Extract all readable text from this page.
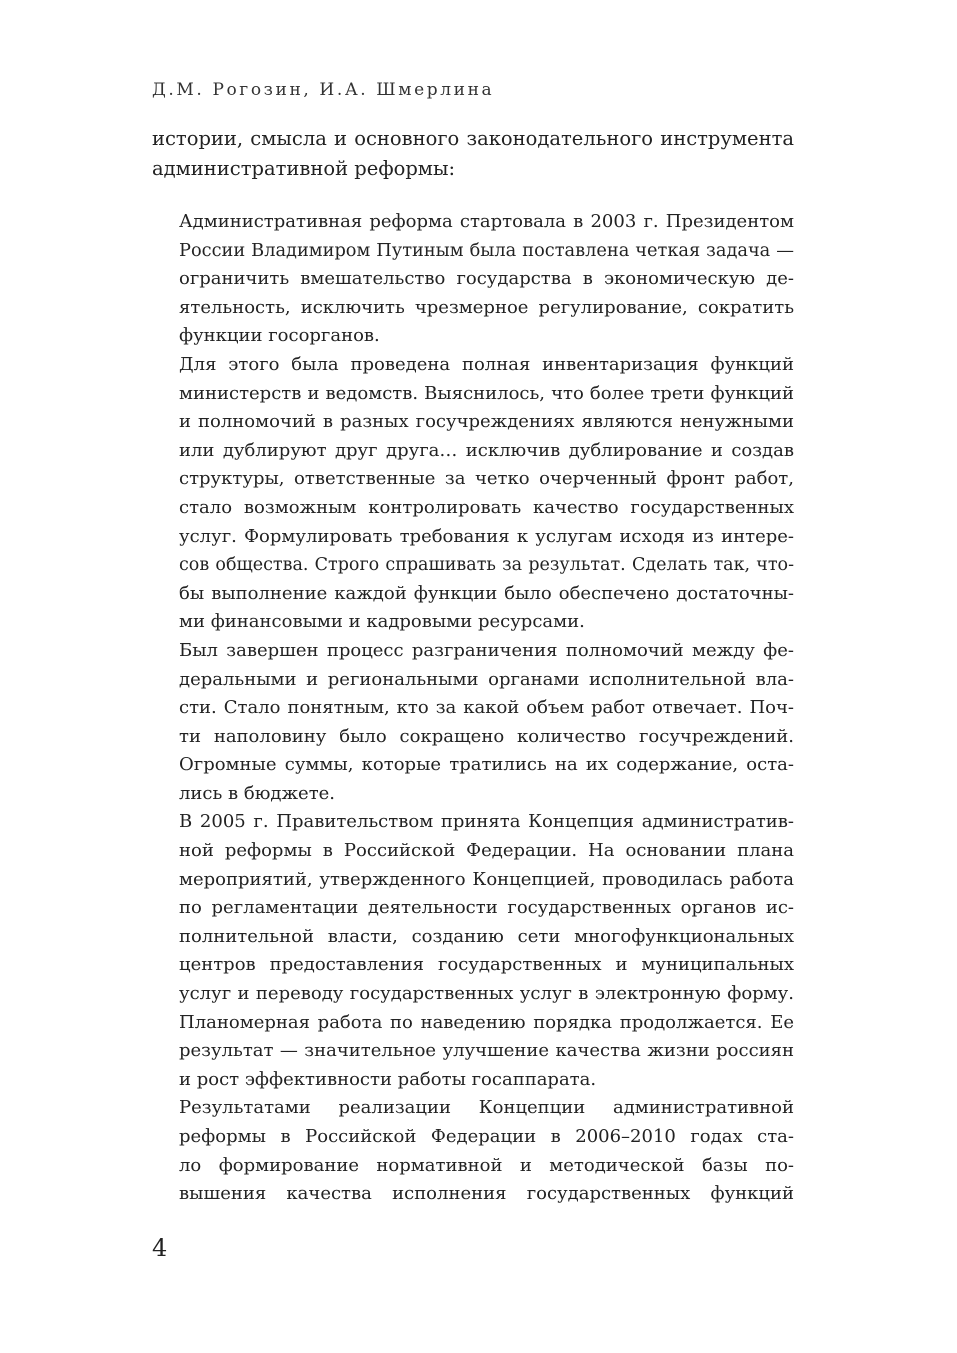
Д.М. Рогозин, И.А. Шмерлина
истории, смысла и основного законодательного инструмента
административной реформы:
Административная реформа стартовала в 2003 г. Президентом
России Владимиром Путиным была поставлена четкая задача —
ограничить вмешательство государства в экономическую де-
ятельность, исключить чрезмерное регулирование, сократить
функции госорганов.
Для этого была проведена полная инвентаризация функций
министерств и ведомств. Выяснилось, что более трети функций
и полномочий в разных госучреждениях являются ненужными
или дублируют друг друга… исключив дублирование и создав
структуры, ответственные за четко очерченный фронт работ,
стало возможным контролировать качество государственных
услуг. Формулировать требования к услугам исходя из интере-
сов общества. Строго спрашивать за результат. Сделать так, что-
бы выполнение каждой функции было обеспечено достаточны-
ми финансовыми и кадровыми ресурсами.
Был завершен процесс разграничения полномочий между фе-
деральными и региональными органами исполнительной вла-
сти. Стало понятным, кто за какой объем работ отвечает. Поч-
ти наполовину было сокращено количество госучреждений.
Огромные суммы, которые тратились на их содержание, оста-
лись в бюджете.
В 2005 г. Правительством принята Концепция административ-
ной реформы в Российской Федерации. На основании плана
мероприятий, утвержденного Концепцией, проводилась работа
по регламентации деятельности государственных органов ис-
полнительной власти, созданию сети многофункциональных
центров предоставления государственных и муниципальных
услуг и переводу государственных услуг в электронную форму.
Планомерная работа по наведению порядка продолжается. Ее
результат — значительное улучшение качества жизни россиян
и рост эффективности работы госаппарата.
Результатами реализации Концепции административной
реформы в Российской Федерации в 2006–2010 годах ста-
ло формирование нормативной и методической базы по-
вышения качества исполнения государственных функций
4
